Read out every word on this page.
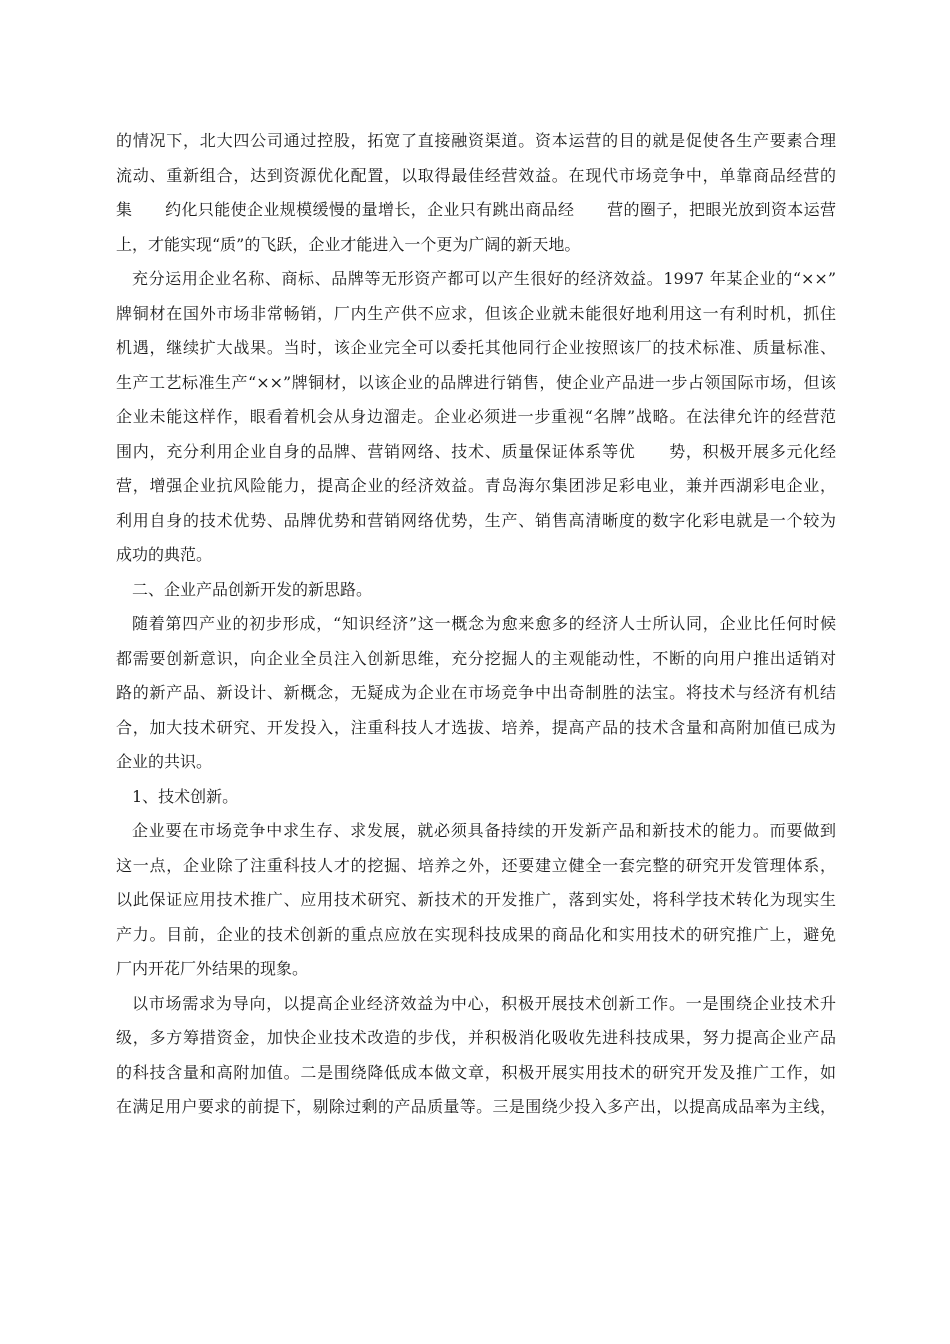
的情况下，北大四公司通过控股，拓宽了直接融资渠道。资本运营的目的就是促使各生产要素合理
流动、重新组合，达到资源优化配置，以取得最佳经营效益。在现代市场竞争中，单靠商品经营的
集　　约化只能使企业规模缓慢的量增长，企业只有跳出商品经　　营的圈子，把眼光放到资本运营
上，才能实现“质”的飞跃，企业才能进入一个更为广阔的新天地。
充分运用企业名称、商标、品牌等无形资产都可以产生很好的经济效益。1997 年某企业的“××”
牌铜材在国外市场非常畅销，厂内生产供不应求，但该企业就未能很好地利用这一有利时机，抓住
机遇，继续扩大战果。当时，该企业完全可以委托其他同行企业按照该厂的技术标准、质量标准、
生产工艺标准生产“××”牌铜材，以该企业的品牌进行销售，使企业产品进一步占领国际市场，但该
企业未能这样作，眼看着机会从身边溜走。企业必须进一步重视“名牌”战略。在法律允许的经营范
围内，充分利用企业自身的品牌、营销网络、技术、质量保证体系等优　　势，积极开展多元化经
营，增强企业抗风险能力，提高企业的经济效益。青岛海尔集团涉足彩电业，兼并西湖彩电企业，
利用自身的技术优势、品牌优势和营销网络优势，生产、销售高清晰度的数字化彩电就是一个较为
成功的典范。
二、企业产品创新开发的新思路。
随着第四产业的初步形成，“知识经济”这一概念为愈来愈多的经济人士所认同，企业比任何时候
都需要创新意识，向企业全员注入创新思维，充分挖掘人的主观能动性，不断的向用户推出适销对
路的新产品、新设计、新概念，无疑成为企业在市场竞争中出奇制胜的法宝。将技术与经济有机结
合，加大技术研究、开发投入，注重科技人才选拔、培养，提高产品的技术含量和高附加值已成为
企业的共识。
1、技术创新。
企业要在市场竞争中求生存、求发展，就必须具备持续的开发新产品和新技术的能力。而要做到
这一点，企业除了注重科技人才的挖掘、培养之外，还要建立健全一套完整的研究开发管理体系，
以此保证应用技术推广、应用技术研究、新技术的开发推广，落到实处，将科学技术转化为现实生
产力。目前，企业的技术创新的重点应放在实现科技成果的商品化和实用技术的研究推广上，避免
厂内开花厂外结果的现象。
以市场需求为导向，以提高企业经济效益为中心，积极开展技术创新工作。一是围绕企业技术升
级，多方筹措资金，加快企业技术改造的步伐，并积极消化吸收先进科技成果，努力提高企业产品
的科技含量和高附加值。二是围绕降低成本做文章，积极开展实用技术的研究开发及推广工作，如
在满足用户要求的前提下，剔除过剩的产品质量等。三是围绕少投入多产出，以提高成品率为主线，
